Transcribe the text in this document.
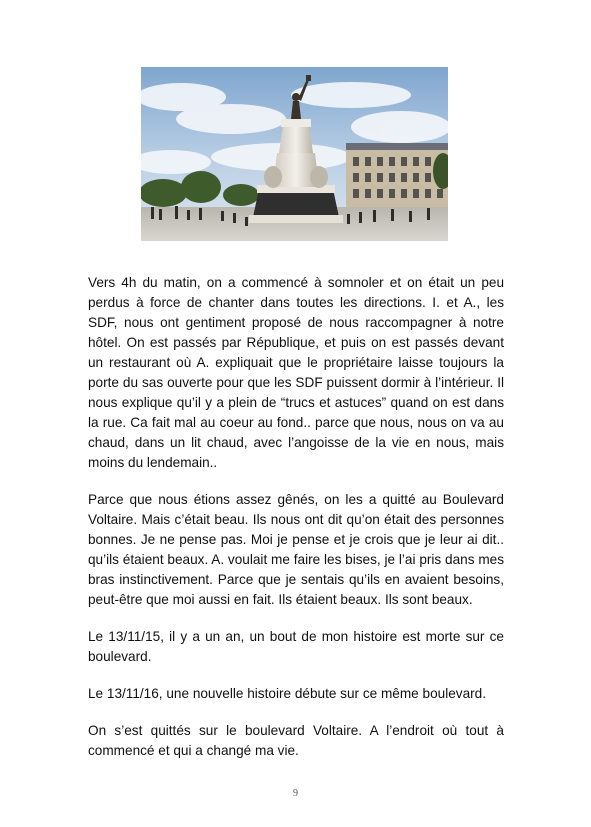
Vers 4h du matin, on a commencé à somnoler et on était un peu perdus à force de chanter dans toutes les directions. I. et A., les SDF, nous ont gentiment proposé de nous raccompagner à notre hôtel. On est passés par République, et puis on est passés devant un restaurant où A. expliquait que le propriétaire laisse toujours la porte du sas ouverte pour que les SDF puissent dormir à l’intérieur. Il nous explique qu’il y a plein de “trucs et astuces” quand on est dans la rue. Ca fait mal au coeur au fond.. parce que nous, nous on va au chaud, dans un lit chaud, avec l’angoisse de la vie en nous, mais moins du lendemain..

Parce que nous étions assez gênés, on les a quitté au Boulevard Voltaire. Mais c’était beau. Ils nous ont dit qu’on était des personnes bonnes. Je ne pense pas. Moi je pense et je crois que je leur ai dit.. qu’ils étaient beaux. A. voulait me faire les bises, je l’ai pris dans mes bras instinctivement. Parce que je sentais qu’ils en avaient besoins, peut-être que moi aussi en fait. Ils étaient beaux. Ils sont beaux.

Le 13/11/15, il y a un an, un bout de mon histoire est morte sur ce boulevard.

Le 13/11/16, une nouvelle histoire débute sur ce même boulevard.

On s’est quittés sur le boulevard Voltaire. A l’endroit où tout à commencé et qui a changé ma vie.

9
